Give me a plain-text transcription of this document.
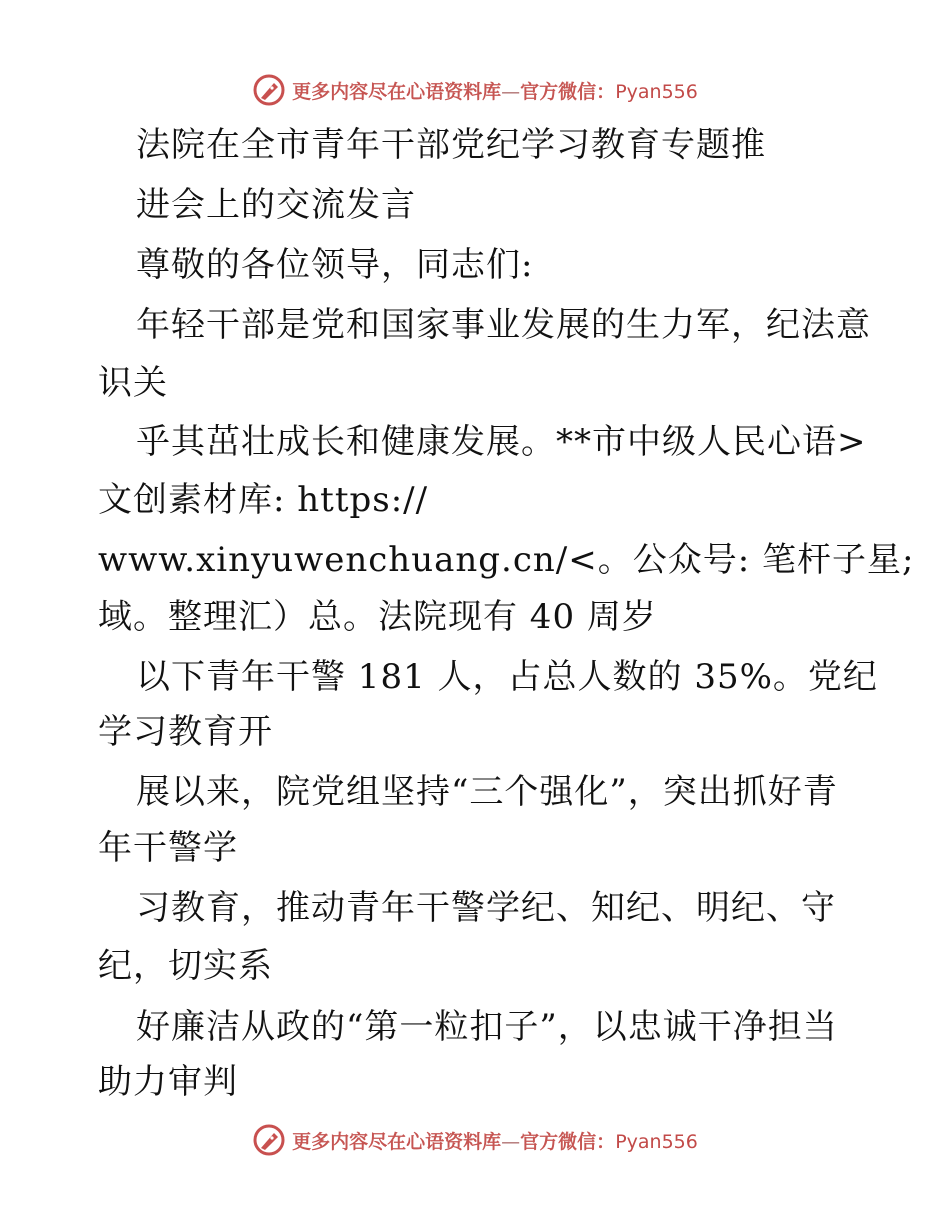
更多内容尽在心语资料库—官方微信：Pyan556
法院在全市青年干部党纪学习教育专题推
进会上的交流发言
尊敬的各位领导，同志们:
年轻干部是党和国家事业发展的生力军，纪法意
识关
乎其茁壮成长和健康发展。**市中级人民心语>
文创素材库: https://
www.xinyuwenchuang.cn/<。公众号: 笔杆子星;
域。整理汇）总。法院现有 40 周岁
以下青年干警 181 人，占总人数的 35%。党纪
学习教育开
展以来，院党组坚持“三个强化”，突出抓好青
年干警学
习教育，推动青年干警学纪、知纪、明纪、守
纪，切实系
好廉洁从政的“第一粒扣子”，以忠诚干净担当
助力审判
更多内容尽在心语资料库—官方微信：Pyan556
